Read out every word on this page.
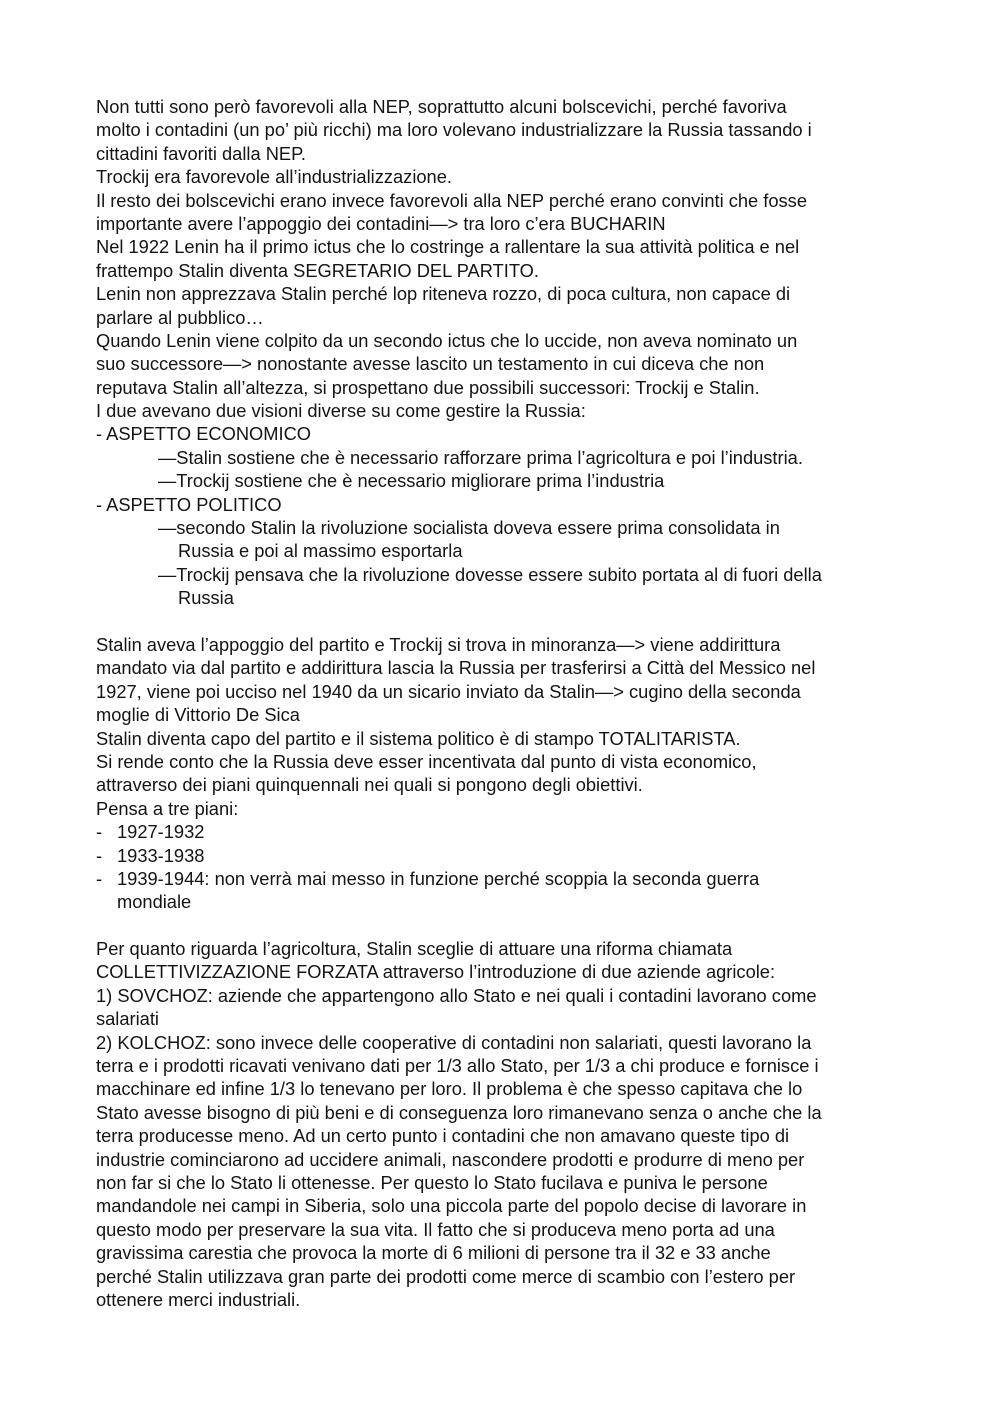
Non tutti sono però favorevoli alla NEP, soprattutto alcuni bolscevichi, perché favoriva
molto i contadini (un po’ più ricchi) ma loro volevano industrializzare la Russia tassando i
cittadini favoriti dalla NEP.
Trockij era favorevole all’industrializzazione.
Il resto dei bolscevichi erano invece favorevoli alla NEP perché erano convinti che fosse
importante avere l’appoggio dei contadini—> tra loro c’era BUCHARIN
Nel 1922 Lenin ha il primo ictus che lo costringe a rallentare la sua attività politica e nel
frattempo Stalin diventa SEGRETARIO DEL PARTITO.
Lenin non apprezzava Stalin perché lop riteneva rozzo, di poca cultura, non capace di
parlare al pubblico…
Quando Lenin viene colpito da un secondo ictus che lo uccide, non aveva nominato un
suo successore—> nonostante avesse lascito un testamento in cui diceva che non
reputava Stalin all’altezza, si prospettano due possibili successori: Trockij e Stalin.
I due avevano due visioni diverse su come gestire la Russia:
- ASPETTO ECONOMICO
—Stalin sostiene che è necessario rafforzare prima l’agricoltura e poi l’industria.
—Trockij sostiene che è necessario migliorare prima l’industria
- ASPETTO POLITICO
—secondo Stalin la rivoluzione socialista doveva essere prima consolidata in
Russia e poi al massimo esportarla
—Trockij pensava che la rivoluzione dovesse essere subito portata al di fuori della
Russia
Stalin aveva l’appoggio del partito e Trockij si trova in minoranza—> viene addirittura
mandato via dal partito e addirittura lascia la Russia per trasferirsi a Città del Messico nel
1927, viene poi ucciso nel 1940 da un sicario inviato da Stalin—> cugino della seconda
moglie di Vittorio De Sica
Stalin diventa capo del partito e il sistema politico è di stampo TOTALITARISTA.
Si rende conto che la Russia deve esser incentivata dal punto di vista economico,
attraverso dei piani quinquennali nei quali si pongono degli obiettivi.
Pensa a tre piani:
- 1927-1932
- 1933-1938
- 1939-1944: non verrà mai messo in funzione perché scoppia la seconda guerra
mondiale
Per quanto riguarda l’agricoltura, Stalin sceglie di attuare una riforma chiamata
COLLETTIVIZZAZIONE FORZATA attraverso l’introduzione di due aziende agricole:
1) SOVCHOZ: aziende che appartengono allo Stato e nei quali i contadini lavorano come
salariati
2) KOLCHOZ: sono invece delle cooperative di contadini non salariati, questi lavorano la
terra e i prodotti ricavati venivano dati per 1/3 allo Stato, per 1/3 a chi produce e fornisce i
macchinare ed infine 1/3 lo tenevano per loro. Il problema è che spesso capitava che lo
Stato avesse bisogno di più beni e di conseguenza loro rimanevano senza o anche che la
terra producesse meno. Ad un certo punto i contadini che non amavano queste tipo di
industrie cominciarono ad uccidere animali, nascondere prodotti e produrre di meno per
non far si che lo Stato li ottenesse. Per questo lo Stato fucilava e puniva le persone
mandandole nei campi in Siberia, solo una piccola parte del popolo decise di lavorare in
questo modo per preservare la sua vita. Il fatto che si produceva meno porta ad una
gravissima carestia che provoca la morte di 6 milioni di persone tra il 32 e 33 anche
perché Stalin utilizzava gran parte dei prodotti come merce di scambio con l’estero per
ottenere merci industriali.
